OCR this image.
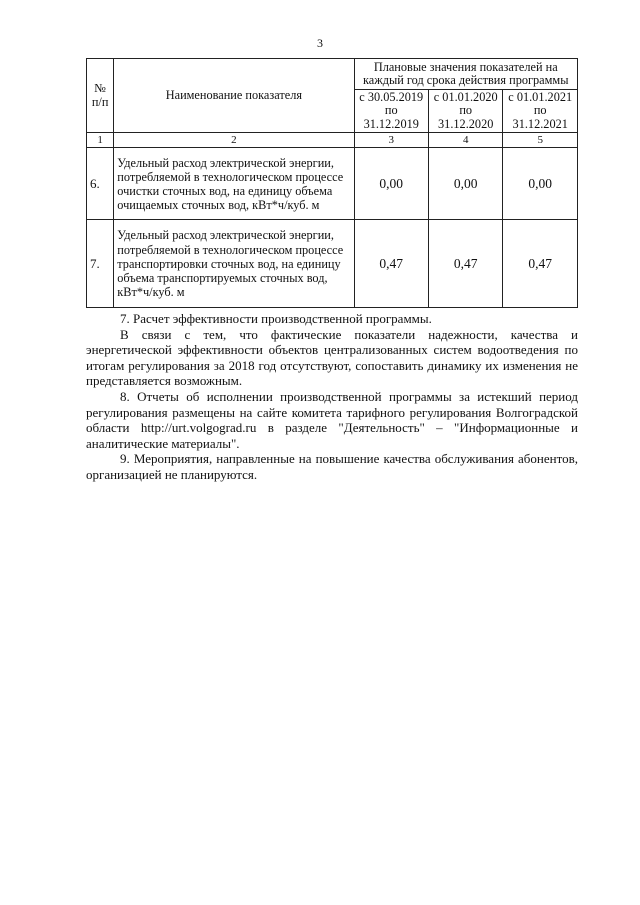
3
№ п/п	Наименование показателя	Плановые значения показателей на каждый год срока действия программы		
		с 30.05.2019 по 31.12.2019	с 01.01.2020 по 31.12.2020	с 01.01.2021 по 31.12.2021
1	2	3	4	5
6.	Удельный расход электрической энергии, потребляемой в технологическом процессе очистки сточных вод, на единицу объема очищаемых сточных вод, кВт*ч/куб. м	0,00	0,00	0,00
7.	Удельный расход электрической энергии, потребляемой в технологическом процессе транспортировки сточных вод, на единицу объема транспортируемых сточных вод, кВт*ч/куб. м	0,47	0,47	0,47

7. Расчет эффективности производственной программы.

В связи с тем, что фактические показатели надежности, качества и энергетической эффективности объектов централизованных систем водоотведения по итогам регулирования за 2018 год отсутствуют, сопоставить динамику их изменения не представляется возможным.

8. Отчеты об исполнении производственной программы за истекший период регулирования размещены на сайте комитета тарифного регулирования Волгоградской области http://urt.volgograd.ru в разделе "Деятельность" – "Информационные и аналитические материалы".

9. Мероприятия, направленные на повышение качества обслуживания абонентов, организацией не планируются.
